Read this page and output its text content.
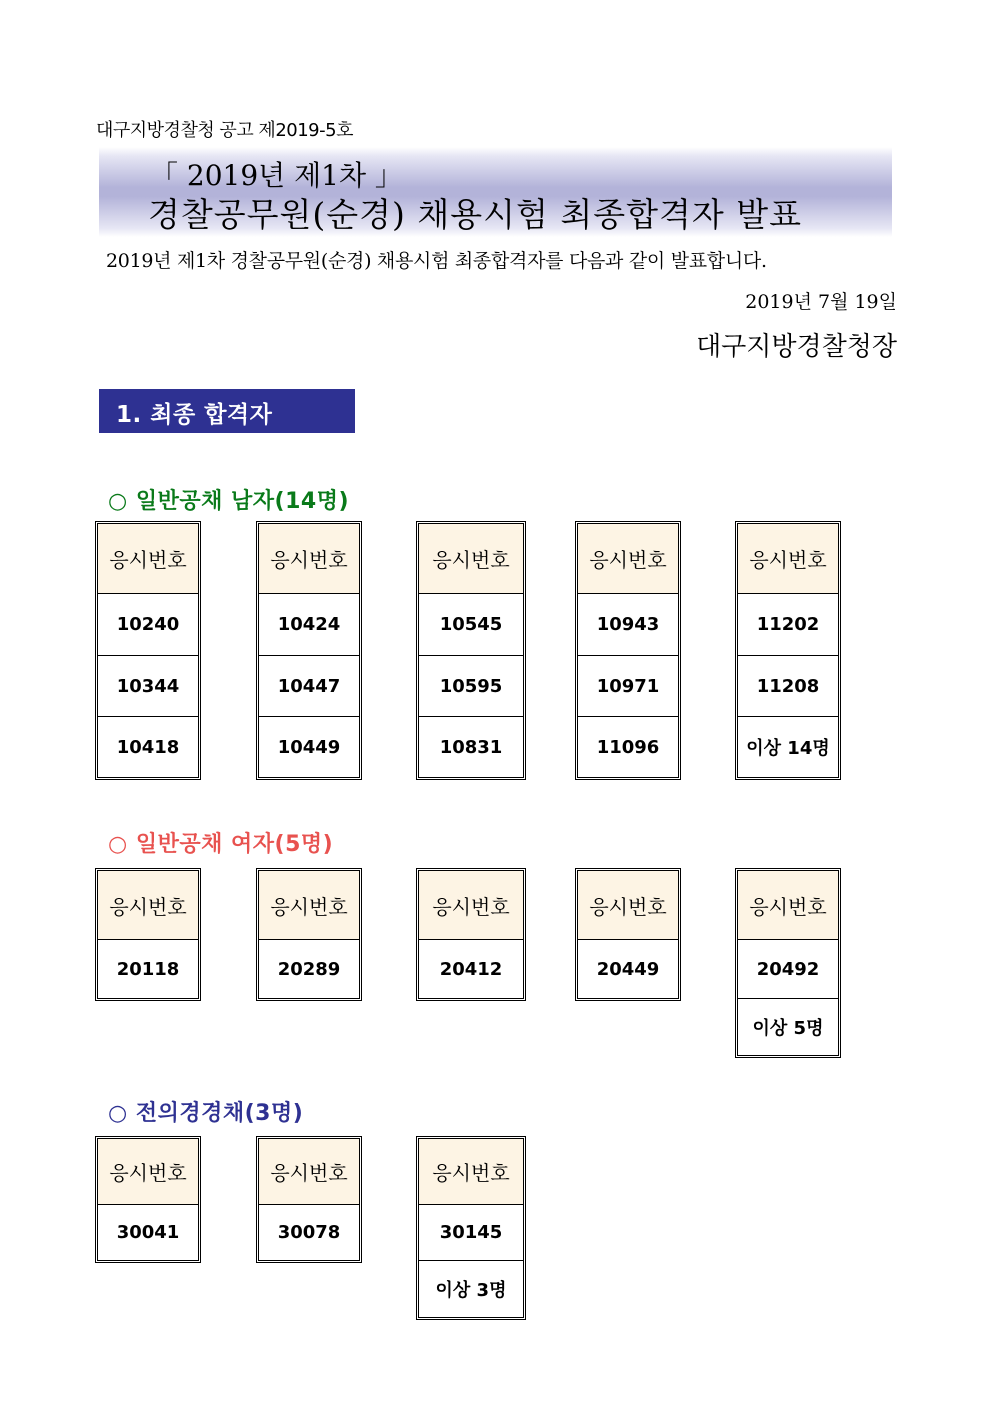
대구지방경찰청 공고 제2019-5호
「 2019년 제1차 」
경찰공무원(순경) 채용시험 최종합격자 발표
2019년 제1차 경찰공무원(순경) 채용시험 최종합격자를 다음과 같이 발표합니다.
2019년 7월 19일
대구지방경찰청장
1. 최종 합격자
○ 일반공채 남자(14명)
○ 일반공채 여자(5명)
○ 전의경경채(3명)
응시번호
10240
10344
10418
응시번호
10424
10447
10449
응시번호
10545
10595
10831
응시번호
10943
10971
11096
응시번호
11202
11208
이상 14명
응시번호
20118
응시번호
20289
응시번호
20412
응시번호
20449
응시번호
20492
이상 5명
응시번호
30041
응시번호
30078
응시번호
30145
이상 3명
